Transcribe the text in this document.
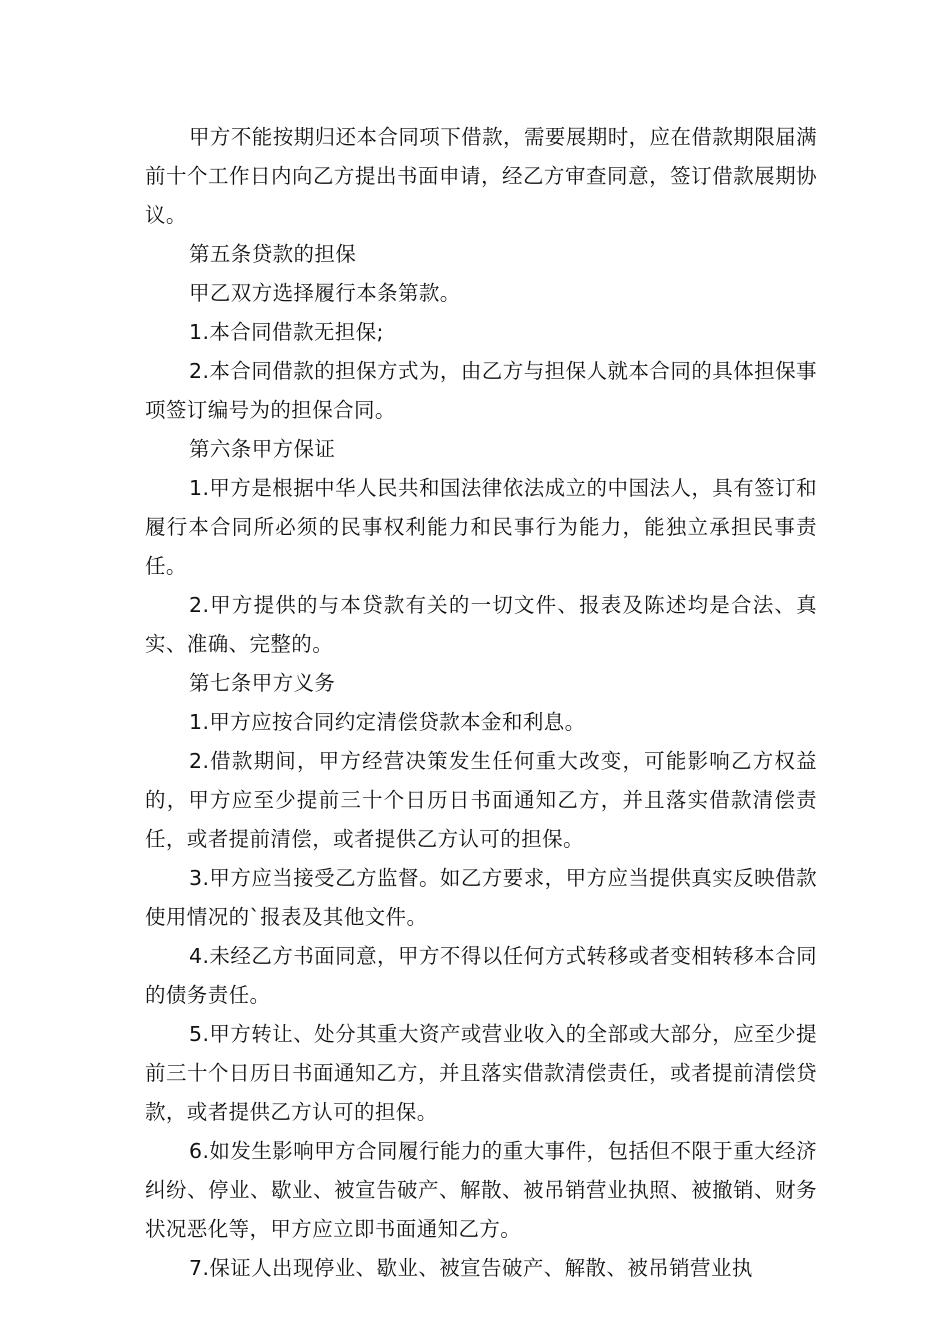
甲方不能按期归还本合同项下借款，需要展期时，应在借款期限届满前十个工作日内向乙方提出书面申请，经乙方审查同意，签订借款展期协议。

第五条贷款的担保

甲乙双方选择履行本条第款。

1.本合同借款无担保;

2.本合同借款的担保方式为，由乙方与担保人就本合同的具体担保事项签订编号为的担保合同。

第六条甲方保证

1.甲方是根据中华人民共和国法律依法成立的中国法人，具有签订和履行本合同所必须的民事权利能力和民事行为能力，能独立承担民事责任。

2.甲方提供的与本贷款有关的一切文件、报表及陈述均是合法、真实、准确、完整的。

第七条甲方义务

1.甲方应按合同约定清偿贷款本金和利息。

2.借款期间，甲方经营决策发生任何重大改变，可能影响乙方权益的，甲方应至少提前三十个日历日书面通知乙方，并且落实借款清偿责任，或者提前清偿，或者提供乙方认可的担保。

3.甲方应当接受乙方监督。如乙方要求，甲方应当提供真实反映借款使用情况的`报表及其他文件。

4.未经乙方书面同意，甲方不得以任何方式转移或者变相转移本合同的债务责任。

5.甲方转让、处分其重大资产或营业收入的全部或大部分，应至少提前三十个日历日书面通知乙方，并且落实借款清偿责任，或者提前清偿贷款，或者提供乙方认可的担保。

6.如发生影响甲方合同履行能力的重大事件，包括但不限于重大经济纠纷、停业、歇业、被宣告破产、解散、被吊销营业执照、被撤销、财务状况恶化等，甲方应立即书面通知乙方。

7.保证人出现停业、歇业、被宣告破产、解散、被吊销营业执
